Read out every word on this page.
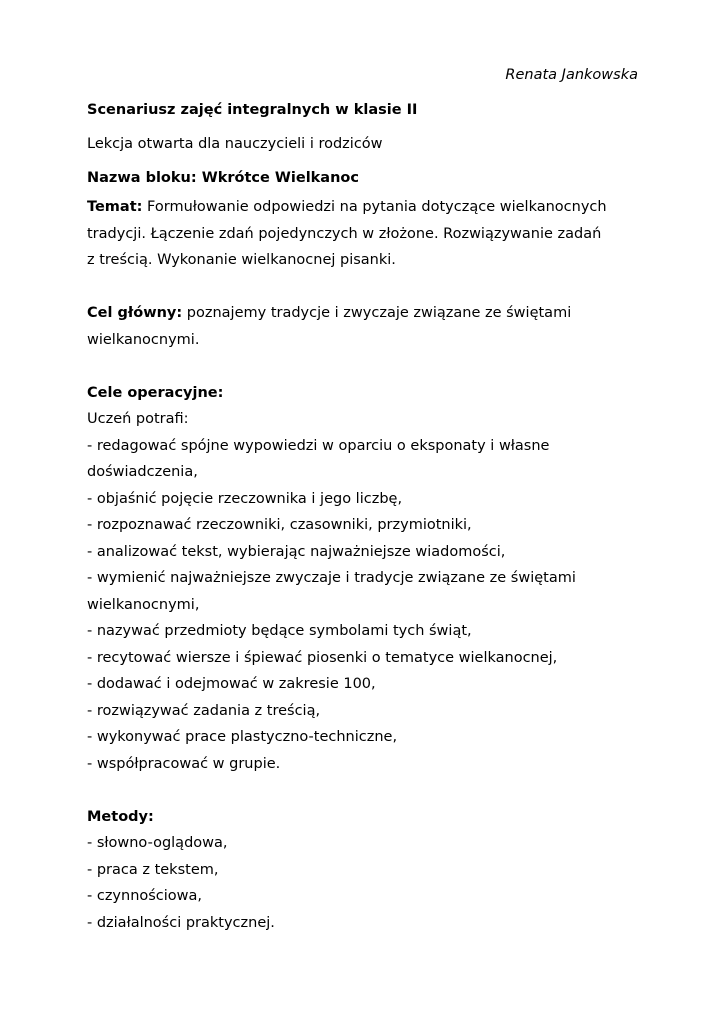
Renata Jankowska

Scenariusz zajęć integralnych w klasie II

Lekcja otwarta dla nauczycieli i rodziców

Nazwa bloku: Wkrótce Wielkanoc

Temat: Formułowanie odpowiedzi na pytania dotyczące wielkanocnych
tradycji. Łączenie zdań pojedynczych w złożone. Rozwiązywanie zadań
z treścią. Wykonanie wielkanocnej pisanki.
Cel główny: poznajemy tradycje i zwyczaje związane ze świętami
wielkanocnymi.
Cele operacyjne:
Uczeń potrafi:
- redagować spójne wypowiedzi w oparciu o eksponaty i własne
doświadczenia,
- objaśnić pojęcie rzeczownika i jego liczbę,
- rozpoznawać rzeczowniki, czasowniki, przymiotniki,
- analizować tekst, wybierając najważniejsze wiadomości,
- wymienić najważniejsze zwyczaje i tradycje związane ze świętami
wielkanocnymi,
- nazywać przedmioty będące symbolami tych świąt,
- recytować wiersze i śpiewać piosenki o tematyce wielkanocnej,
- dodawać i odejmować w zakresie 100,
- rozwiązywać zadania z treścią,
- wykonywać prace plastyczno-techniczne,
- współpracować w grupie.
Metody:
- słowno-oglądowa,
- praca z tekstem,
- czynnościowa,
- działalności praktycznej.
